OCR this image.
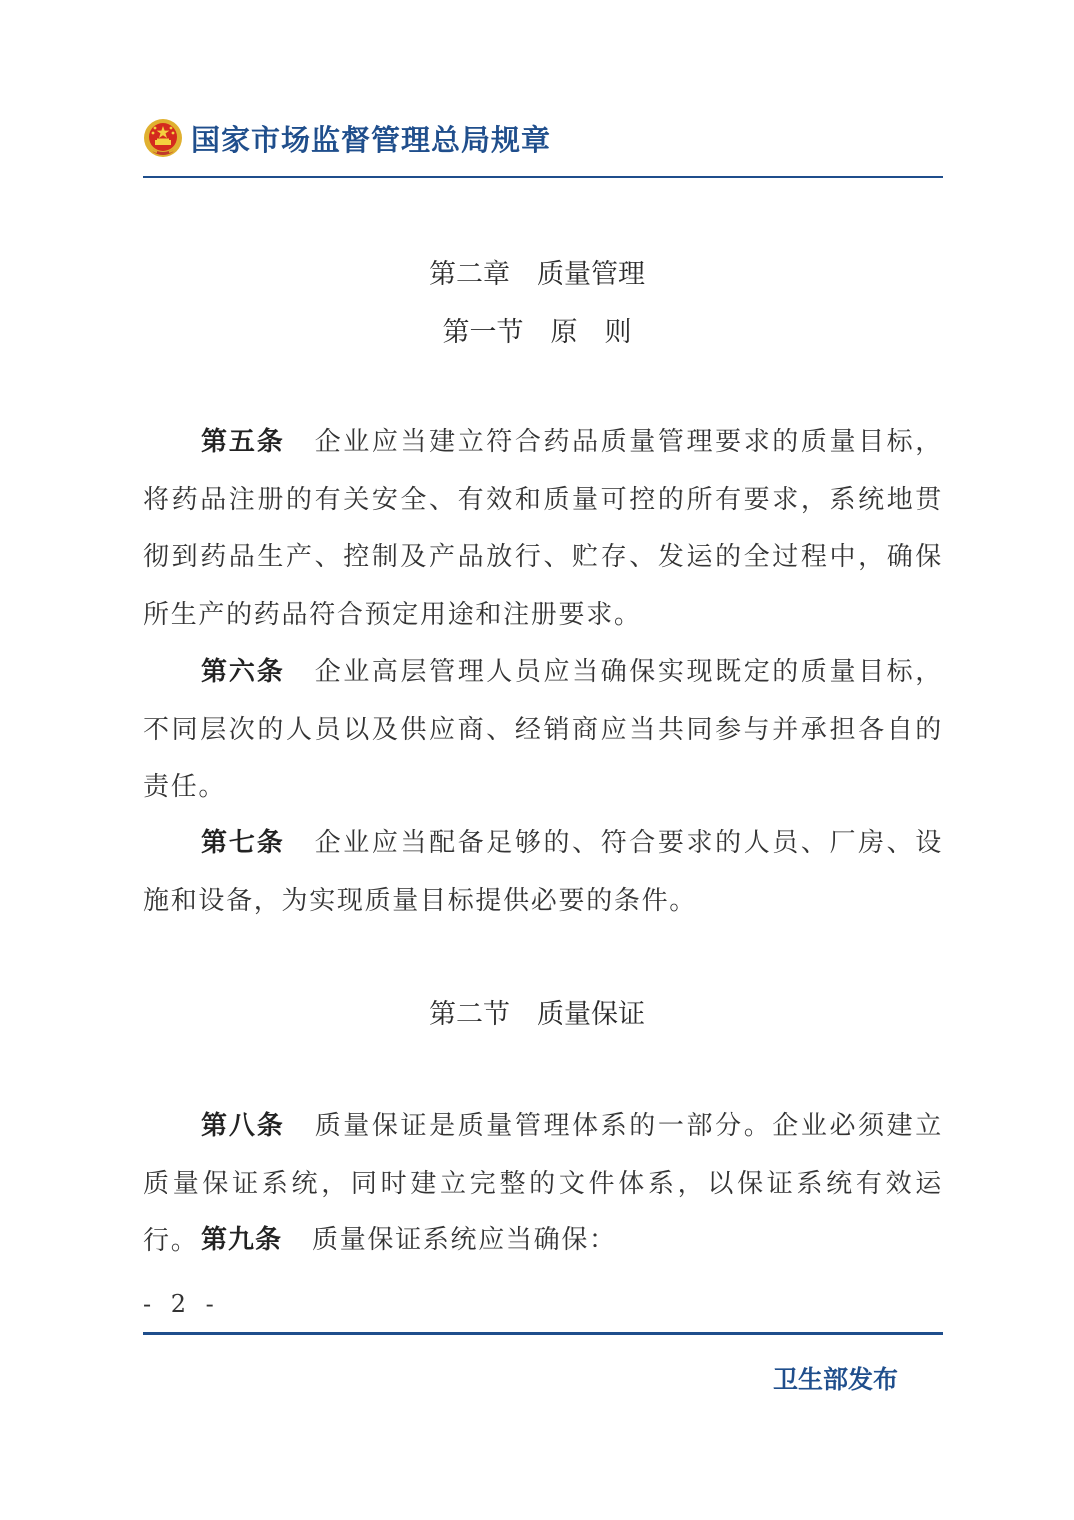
国家市场监督管理总局规章
第二章　质量管理
第一节　原　则
第五条 企业应当建立符合药品质量管理要求的质量目标，将药品注册的有关安全、有效和质量可控的所有要求，系统地贯彻到药品生产、控制及产品放行、贮存、发运的全过程中，确保所生产的药品符合预定用途和注册要求。
第六条 企业高层管理人员应当确保实现既定的质量目标，不同层次的人员以及供应商、经销商应当共同参与并承担各自的责任。
第七条 企业应当配备足够的、符合要求的人员、厂房、设施和设备，为实现质量目标提供必要的条件。
第二节　质量保证
第八条 质量保证是质量管理体系的一部分。企业必须建立质量保证系统，同时建立完整的文件体系，以保证系统有效运行。 第九条 质量保证系统应当确保：
- 2 -
卫生部发布
